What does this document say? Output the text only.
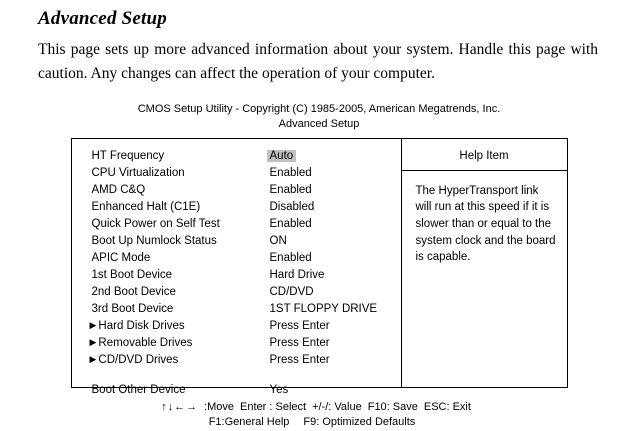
Advanced Setup

This page sets up more advanced information about your system. Handle this page with caution. Any changes can affect the operation of your computer.

CMOS Setup Utility - Copyright (C) 1985-2005, American Megatrends, Inc.
Advanced Setup
HT Frequency	Auto
CPU Virtualization	Enabled
AMD C&Q	Enabled
Enhanced Halt (C1E)	Disabled
Quick Power on Self Test	Enabled
Boot Up Numlock Status	ON
APIC Mode	Enabled
1st Boot Device	Hard Drive
2nd Boot Device	CD/DVD
3rd Boot Device	1ST FLOPPY DRIVE
▶ Hard Disk Drives	Press Enter
▶ Removable Drives	Press Enter
▶ CD/DVD Drives	Press Enter
Boot Other Device	Yes
Help Item
The HyperTransport link will run at this speed if it is slower than or equal to the system clock and the board is capable.
↑↓←→ :Move Enter : Select +/-/: Value F10: Save ESC: Exit
F1:General Help F9: Optimized Defaults
